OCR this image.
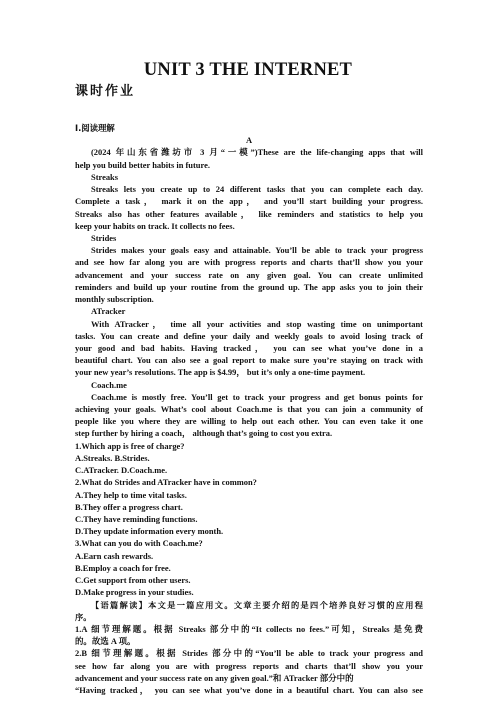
UNIT 3 THE INTERNET
课时作业
Ⅰ.阅读理解
A
(2024 年山东省潍坊市 3 月“一模”)These are the life-changing apps that will
help you build better habits in future.
Streaks
Streaks lets you create up to 24 different tasks that you can complete each day.
Complete a task， mark it on the app， and you’ll start building your progress.
Streaks also has other features available， like reminders and statistics to help you
keep your habits on track. It collects no fees.
Strides
Strides makes your goals easy and attainable. You’ll be able to track your progress
and see how far along you are with progress reports and charts that’ll show you your
advancement and your success rate on any given goal. You can create unlimited
reminders and build up your routine from the ground up. The app asks you to join their
monthly subscription.
ATracker
With ATracker， time all your activities and stop wasting time on unimportant
tasks. You can create and define your daily and weekly goals to avoid losing track of
your good and bad habits. Having tracked， you can see what you’ve done in a
beautiful chart. You can also see a goal report to make sure you’re staying on track with
your new year’s resolutions. The app is $4.99， but it’s only a one-time payment.
Coach.me
Coach.me is mostly free. You’ll get to track your progress and get bonus points for
achieving your goals. What’s cool about Coach.me is that you can join a community of
people like you where they are willing to help out each other. You can even take it one
step further by hiring a coach， although that’s going to cost you extra.
1.Which app is free of charge?
A.Streaks. B.Strides.
C.ATracker. D.Coach.me.
2.What do Strides and ATracker have in common?
A.They help to time vital tasks.
B.They offer a progress chart.
C.They have reminding functions.
D.They update information every month.
3.What can you do with Coach.me?
A.Earn cash rewards.
B.Employ a coach for free.
C.Get support from other users.
D.Make progress in your studies.
【语篇解读】本文是一篇应用文。文章主要介绍的是四个培养良好习惯的应用程
序。
1.A 细节理解题。根据 Streaks 部分中的“It collects no fees.”可知，Streaks 是免费
的。故选 A 项。
2.B 细节理解题。根据 Strides 部分中的“You’ll be able to track your progress and
see how far along you are with progress reports and charts that’ll show you your
advancement and your success rate on any given goal.”和 ATracker 部分中的
“Having tracked， you can see what you’ve done in a beautiful chart. You can also see
